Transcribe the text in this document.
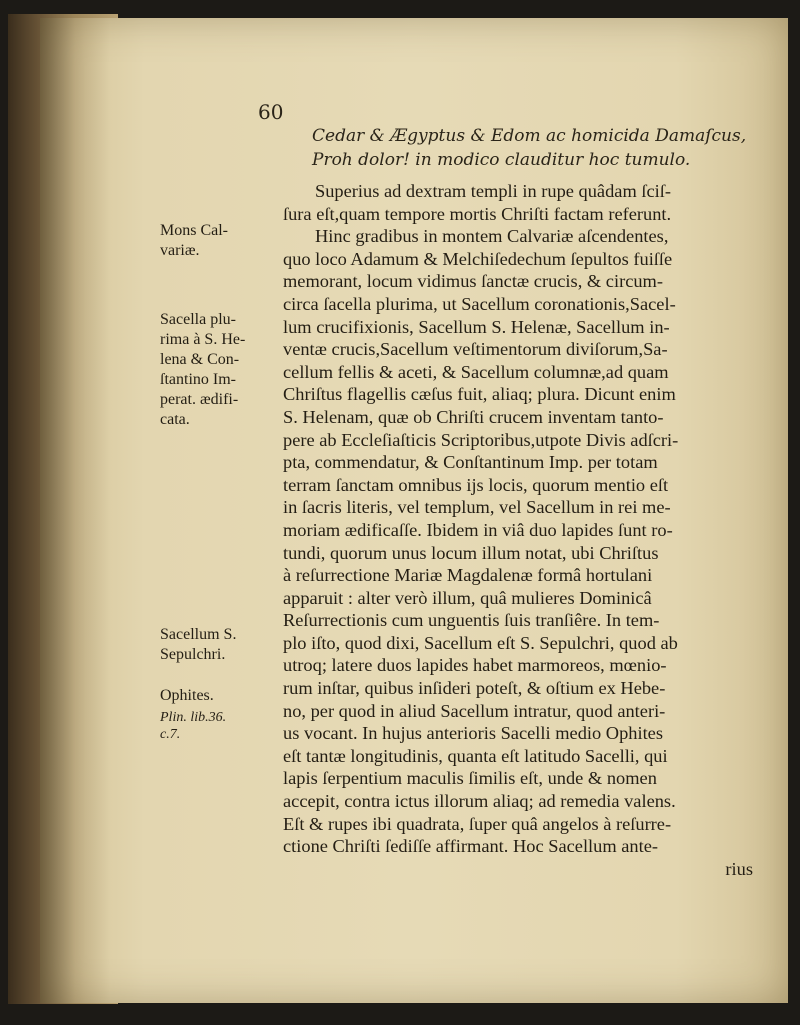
60
Cedar & Ægyptus & Edom ac homicida Damaſcus,
Proh dolor! in modico clauditur hoc tumulo.
Mons Cal-
variæ.
Sacella plu-
rima à S. He-
lena & Con-
ſtantino Im-
perat. ædifi-
cata.
Sacellum S.
Sepulchri.
Ophites.
Plin. lib.36.
c.7.
Superius ad dextram templi in rupe quâdam ſciſ-
ſura eſt,quam tempore mortis Chriſti factam referunt.
Hinc gradibus in montem Calvariæ aſcendentes,
quo loco Adamum & Melchiſedechum ſepultos fuiſſe
memorant, locum vidimus ſanctæ crucis, & circum-
circa ſacella plurima, ut Sacellum coronationis,Sacel-
lum crucifixionis, Sacellum S. Helenæ, Sacellum in-
ventæ crucis,Sacellum veſtimentorum diviſorum,Sa-
cellum fellis & aceti, & Sacellum columnæ,ad quam
Chriſtus flagellis cæſus fuit, aliaq; plura. Dicunt enim
S. Helenam, quæ ob Chriſti crucem inventam tanto-
pere ab Eccleſiaſticis Scriptoribus,utpote Divis adſcri-
pta, commendatur, & Conſtantinum Imp. per totam
terram ſanctam omnibus ijs locis, quorum mentio eſt
in ſacris literis, vel templum, vel Sacellum in rei me-
moriam ædificaſſe. Ibidem in viâ duo lapides ſunt ro-
tundi, quorum unus locum illum notat, ubi Chriſtus
à reſurrectione Mariæ Magdalenæ formâ hortulani
apparuit : alter verò illum, quâ mulieres Dominicâ
Reſurrectionis cum unguentis ſuis tranſiêre. In tem-
plo iſto, quod dixi, Sacellum eſt S. Sepulchri, quod ab
utroq; latere duos lapides habet marmoreos, mœnio-
rum inſtar, quibus inſideri poteſt, & oſtium ex Hebe-
no, per quod in aliud Sacellum intratur, quod anteri-
us vocant. In hujus anterioris Sacelli medio Ophites
eſt tantæ longitudinis, quanta eſt latitudo Sacelli, qui
lapis ſerpentium maculis ſimilis eſt, unde & nomen
accepit, contra ictus illorum aliaq; ad remedia valens.
Eſt & rupes ibi quadrata, ſuper quâ angelos à reſurre-
ctione Chriſti ſediſſe affirmant. Hoc Sacellum ante-
rius
